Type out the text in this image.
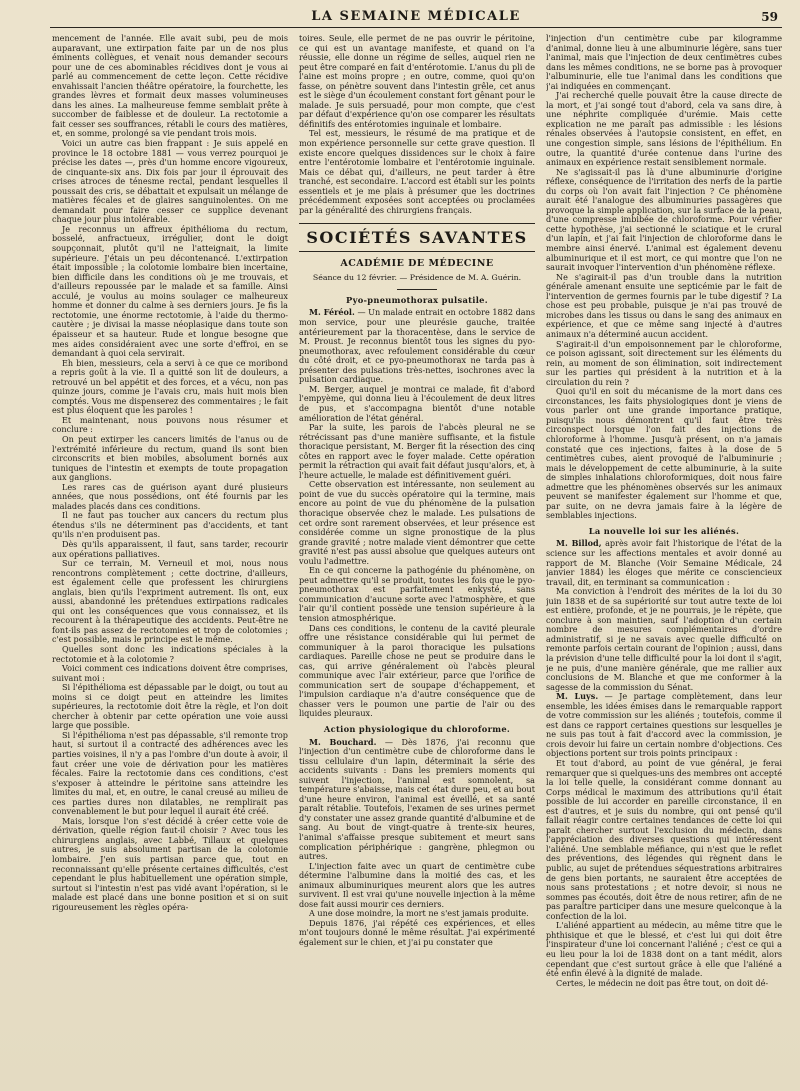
LA SEMAINE MÉDICALE	59

mencement de l'année. Elle avait subi, peu de mois auparavant, une extirpation faite par un de nos plus éminents collègues, et venait nous demander secours pour une de ces abominables récidives dont je vous ai parlé au commencement de cette leçon. Cette récidive envahissait l'ancien théâtre opératoire, la fourchette, les grandes lèvres et formait deux masses volumineuses dans les aines. La malheureuse femme semblait prête à succomber de faiblesse et de douleur. La rectotomie a fait cesser ses souffrances, rétabli le cours des matières, et, en somme, prolongé sa vie pendant trois mois.

Voici un autre cas bien frappant : Je suis appelé en province le 18 octobre 1881 — vous verrez pourquoi je précise les dates —, près d'un homme encore vigoureux, de cinquante-six ans. Dix fois par jour il éprouvait des crises atroces de ténesme rectal, pendant lesquelles il poussait des cris, se débattait et expulsait un mélange de matières fécales et de glaires sanguinolentes. On me demandait pour faire cesser ce supplice devenant chaque jour plus intolérable.

Je reconnus un affreux épithélioma du rectum, bosselé, anfractueux, irrégulier, dont le doigt soupçonnait, plutôt qu'il ne l'atteignait, la limite supérieure. J'étais un peu décontenancé. L'extirpation était impossible ; la colotomie lombaire bien incertaine, bien difficile dans les conditions où je me trouvais, et d'ailleurs repoussée par le malade et sa famille. Ainsi acculé, je voulus au moins soulager ce malheureux homme et donner du calme à ses derniers jours. Je fis la rectotomie, une énorme rectotomie, à l'aide du thermo-cautère ; je divisai la masse néoplasique dans toute son épaisseur et sa hauteur. Rude et longue besogne que mes aides considéraient avec une sorte d'effroi, en se demandant à quoi cela servirait.

Eh bien, messieurs, cela a servi à ce que ce moribond a repris goût à la vie. Il a quitté son lit de douleurs, a retrouvé un bel appétit et des forces, et a vécu, non pas quinze jours, comme je l'avais cru, mais huit mois bien comptés. Vous me dispenserez des commentaires ; le fait est plus éloquent que les paroles !

Et maintenant, nous pouvons nous résumer et conclure :

On peut extirper les cancers limités de l'anus ou de l'extrémité inférieure du rectum, quand ils sont bien circonscrits et bien mobiles, absolument bornés aux tuniques de l'intestin et exempts de toute propagation aux ganglions.

Les rares cas de guérison ayant duré plusieurs années, que nous possédions, ont été fournis par les malades placés dans ces conditions.

Il ne faut pas toucher aux cancers du rectum plus étendus s'ils ne déterminent pas d'accidents, et tant qu'ils n'en produisent pas.

Dès qu'ils apparaissent, il faut, sans tarder, recourir aux opérations palliatives.

Sur ce terrain, M. Verneuil et moi, nous nous rencontrons complètement ; cette doctrine, d'ailleurs, est également celle que professent les chirurgiens anglais, bien qu'ils l'expriment autrement. Ils ont, eux aussi, abandonné les prétendues extirpations radicales qui ont les conséquences que vous connaissez, et ils recourent à la thérapeutique des accidents. Peut-être ne font-ils pas assez de rectotomies et trop de colotomies ; c'est possible, mais le principe est le même.

Quelles sont donc les indications spéciales à la rectotomie et à la colotomie ?

Voici comment ces indications doivent être comprises, suivant moi :

Si l'épithélioma est dépassable par le doigt, ou tout au moins si ce doigt peut en atteindre les limites supérieures, la rectotomie doit être la règle, et l'on doit chercher à obtenir par cette opération une voie aussi large que possible.

Si l'épithélioma n'est pas dépassable, s'il remonte trop haut, si surtout il a contracté des adhérences avec les parties voisines, il n'y a pas l'ombre d'un doute à avoir, il faut créer une voie de dérivation pour les matières fécales. Faire la rectotomie dans ces conditions, c'est s'exposer à atteindre le péritoine sans atteindre les limites du mal, et, en outre, le canal creusé au milieu de ces parties dures non dilatables, ne remplirait pas convenablement le but pour lequel il aurait été créé.

Mais, lorsque l'on s'est décidé à créer cette voie de dérivation, quelle région faut-il choisir ? Avec tous les chirurgiens anglais, avec Labbé, Tillaux et quelques autres, je suis absolument partisan de la colotomie lombaire. J'en suis partisan parce que, tout en reconnaissant qu'elle présente certaines difficultés, c'est cependant le plus habituellement une opération simple, surtout si l'intestin n'est pas vidé avant l'opération, si le malade est placé dans une bonne position et si on suit rigoureusement les règles opéra-

toires. Seule, elle permet de ne pas ouvrir le péritoine, ce qui est un avantage manifeste, et quand on l'a réussie, elle donne un régime de selles, auquel rien ne peut être comparé en fait d'entérotomie. L'anus du pli de l'aine est moins propre ; en outre, comme, quoi qu'on fasse, on pénètre souvent dans l'intestin grêle, cet anus est le siège d'un écoulement constant fort gênant pour le malade. Je suis persuadé, pour mon compte, que c'est par défaut d'expérience qu'on ose comparer les résultats définitifs des entérotomies inguinale et lombaire.

Tel est, messieurs, le résumé de ma pratique et de mon expérience personnelle sur cette grave question. Il existe encore quelques dissidences sur le choix à faire entre l'entérotomie lombaire et l'entérotomie inguinale. Mais ce débat qui, d'ailleurs, ne peut tarder à être tranché, est secondaire. L'accord est établi sur les points essentiels et je me plais à présumer que les doctrines précédemment exposées sont acceptées ou proclamées par la généralité des chirurgiens français.

SOCIÉTÉS SAVANTES
ACADÉMIE DE MÉDECINE

Séance du 12 février. — Présidence de M. A. Guérin.

Pyo-pneumothorax pulsatile.

M. Féréol. — Un malade entrait en octobre 1882 dans mon service, pour une pleurésie gauche, traitée antérieurement par la thoracentèse, dans le service de M. Proust. Je reconnus bientôt tous les signes du pyo-pneumothorax, avec refoulement considérable du cœur du côté droit, et ce pyo-pneumothorax ne tarda pas à présenter des pulsations très-nettes, isochrones avec la pulsation cardiaque.

M. Berger, auquel je montrai ce malade, fit d'abord l'empyème, qui donna lieu à l'écoulement de deux litres de pus, et s'accompagna bientôt d'une notable amélioration de l'état général.

Par la suite, les parois de l'abcès pleural ne se rétrécissant pas d'une manière suffisante, et la fistule thoracique persistant, M. Berger fit la résection des cinq côtes en rapport avec le foyer malade. Cette opération permit la rétraction qui avait fait défaut jusqu'alors, et, à l'heure actuelle, le malade est définitivement guéri.

Cette observation est intéressante, non seulement au point de vue du succès opératoire qui la termine, mais encore au point de vue du phénomène de la pulsation thoracique observée chez le malade. Les pulsations de cet ordre sont rarement observées, et leur présence est considérée comme un signe pronostique de la plus grande gravité ; notre malade vient démontrer que cette gravité n'est pas aussi absolue que quelques auteurs ont voulu l'admettre.

En ce qui concerne la pathogénie du phénomène, on peut admettre qu'il se produit, toutes les fois que le pyo-pneumothorax est parfaitement enkysté, sans communication d'aucune sorte avec l'atmosphère, et que l'air qu'il contient possède une tension supérieure à la tension atmosphérique.

Dans ces conditions, le contenu de la cavité pleurale offre une résistance considérable qui lui permet de communiquer à la paroi thoracique les pulsations cardiaques. Pareille chose ne peut se produire dans le cas, qui arrive généralement où l'abcès pleural communique avec l'air extérieur, parce que l'orifice de communication sert de soupape d'échappement, et l'impulsion cardiaque n'a d'autre conséquence que de chasser vers le poumon une partie de l'air ou des liquides pleuraux.

Action physiologique du chloroforme.

M. Bouchard. — Dès 1876, j'ai reconnu que l'injection d'un centimètre cube de chloroforme dans le tissu cellulaire d'un lapin, déterminait la série des accidents suivants : Dans les premiers moments qui suivent l'injection, l'animal est somnolent, sa température s'abaisse, mais cet état dure peu, et au bout d'une heure environ, l'animal est éveillé, et sa santé paraît rétablie. Toutefois, l'examen de ses urines permet d'y constater une assez grande quantité d'albumine et de sang. Au bout de vingt-quatre à trente-six heures, l'animal s'affaisse presque subitement et meurt sans complication périphérique : gangrène, phlegmon ou autres.

L'injection faite avec un quart de centimètre cube détermine l'albumine dans la moitié des cas, et les animaux albuminuriques meurent alors que les autres survivent. Il est vrai qu'une nouvelle injection à la même dose fait aussi mourir ces derniers.

A une dose moindre, la mort ne s'est jamais produite.

Depuis 1876, j'ai répété ces expériences, et elles m'ont toujours donné le même résultat. J'ai expérimenté également sur le chien, et j'ai pu constater que

l'injection d'un centimètre cube par kilogramme d'animal, donne lieu à une albuminurie légère, sans tuer l'animal, mais que l'injection de deux centimètres cubes dans les mêmes conditions, ne se borne pas à provoquer l'albuminurie, elle tue l'animal dans les conditions que j'ai indiquées en commençant.

J'ai recherché quelle pouvait être la cause directe de la mort, et j'ai songé tout d'abord, cela va sans dire, à une néphrite compliquée d'urémie. Mais cette explication ne me paraît pas admissible : les lésions rénales observées à l'autopsie consistent, en effet, en une congestion simple, sans lésions de l'épithélium. En outre, la quantité d'urée contenue dans l'urine des animaux en expérience restait sensiblement normale.

Ne s'agissait-il pas là d'une albuminurie d'origine réflexe, conséquence de l'irritation des nerfs de la partie du corps où l'on avait fait l'injection ? Ce phénomène aurait été l'analogue des albuminuries passagères que provoque la simple application, sur la surface de la peau, d'une compresse imbibée de chloroforme. Pour vérifier cette hypothèse, j'ai sectionné le sciatique et le crural d'un lapin, et j'ai fait l'injection de chloroforme dans le membre ainsi énervé. L'animal est également devenu albuminurique et il est mort, ce qui montre que l'on ne saurait invoquer l'intervention d'un phénomène réflexe.

Ne s'agirait-il pas d'un trouble dans la nutrition générale amenant ensuite une septicémie par le fait de l'intervention de germes fournis par le tube digestif ? La chose est peu probable, puisque je n'ai pas trouvé de microbes dans les tissus ou dans le sang des animaux en expérience, et que ce même sang injecté à d'autres animaux n'a déterminé aucun accident.

S'agirait-il d'un empoisonnement par le chloroforme, ce poison agissant, soit directement sur les éléments du rein, au moment de son élimination, soit indirectement sur les parties qui président à la nutrition et à la circulation du rein ?

Quoi qu'il en soit du mécanisme de la mort dans ces circonstances, les faits physiologiques dont je viens de vous parler ont une grande importance pratique, puisqu'ils nous démontrent qu'il faut être très circonspect lorsque l'on fait des injections de chloroforme à l'homme. Jusqu'à présent, on n'a jamais constaté que ces injections, faites à la dose de 5 centimètres cubes, aient provoqué de l'albuminurie ; mais le développement de cette albuminurie, à la suite de simples inhalations chloroformiques, doit nous faire admettre que les phénomènes observés sur les animaux peuvent se manifester également sur l'homme et que, par suite, on ne devra jamais faire à la légère de semblables injections.

La nouvelle loi sur les aliénés.

M. Billod, après avoir fait l'historique de l'état de la science sur les affections mentales et avoir donné au rapport de M. Blanche (Voir Semaine Médicale, 24 janvier 1884) les éloges que mérite ce consciencieux travail, dit, en terminant sa communication :

Ma conviction à l'endroit des mérites de la loi du 30 juin 1838 et de sa supériorité sur tout autre texte de loi est entière, profonde, et je ne pourrais, je le répète, que conclure à son maintien, sauf l'adoption d'un certain nombre de mesures complémentaires d'ordre administratif, si je ne savais avec quelle difficulté on remonte parfois certain courant de l'opinion ; aussi, dans la prévision d'une telle difficulté pour la loi dont il s'agit, je ne puis, d'une manière générale, que me rallier aux conclusions de M. Blanche et que me conformer à la sagesse de la commission du Sénat.

M. Luys. — Je partage complètement, dans leur ensemble, les idées émises dans le remarquable rapport de votre commission sur les aliénés ; toutefois, comme il est dans ce rapport certaines questions sur lesquelles je ne suis pas tout à fait d'accord avec la commission, je crois devoir lui faire un certain nombre d'objections. Ces objections portent sur trois points principaux :

Et tout d'abord, au point de vue général, je ferai remarquer que si quelques-uns des membres ont accepté la loi telle quelle, la considérant comme donnant au Corps médical le maximum des attributions qu'il était possible de lui accorder en pareille circonstance, il en est d'autres, et je suis du nombre, qui ont pensé qu'il fallait réagir contre certaines tendances de cette loi qui paraît chercher surtout l'exclusion du médecin, dans l'appréciation des diverses questions qui intéressent l'aliéné. Une semblable méfiance, qui n'est que le reflet des préventions, des légendes qui règnent dans le public, au sujet de prétendues séquestrations arbitraires de gens bien portants, ne sauraient être acceptées de nous sans protestations ; et notre devoir, si nous ne sommes pas écoutés, doit être de nous retirer, afin de ne pas paraître participer dans une mesure quelconque à la confection de la loi.

L'aliéné appartient au médecin, au même titre que le phthisique et que le blessé, et c'est lui qui doit être l'inspirateur d'une loi concernant l'aliéné ; c'est ce qui a eu lieu pour la loi de 1838 dont on a tant médit, alors cependant que c'est surtout grâce à elle que l'aliéné a été enfin élevé à la dignité de malade.

Certes, le médecin ne doit pas être tout, on doit dé-
